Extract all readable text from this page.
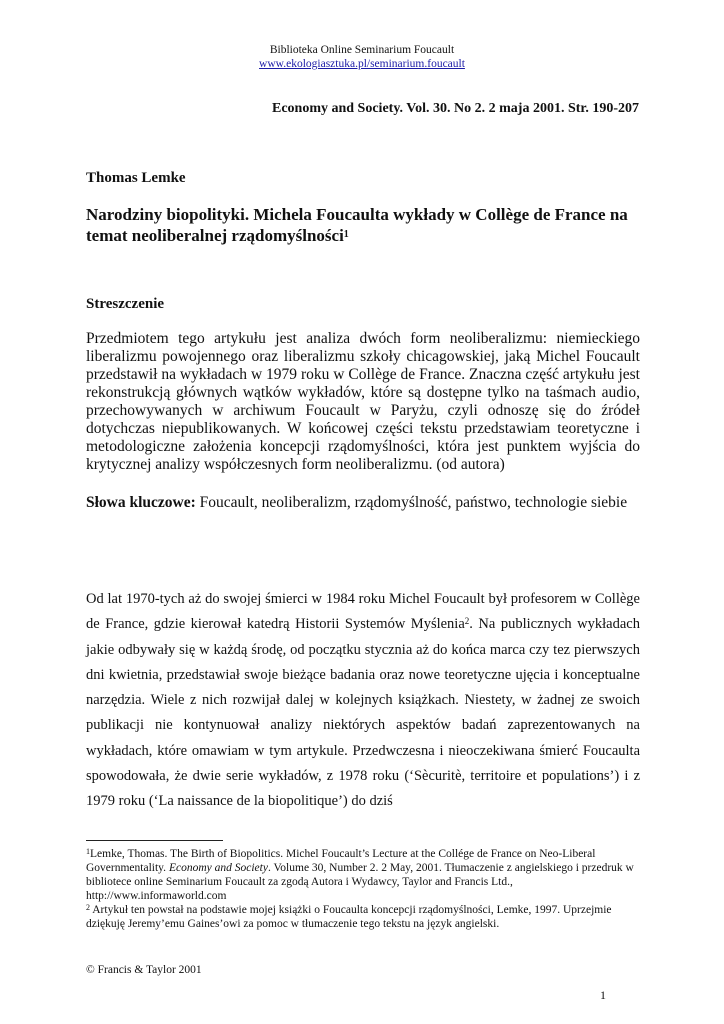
Biblioteka Online Seminarium Foucault
www.ekologiasztuka.pl/seminarium.foucault
Economy and Society. Vol. 30. No 2. 2 maja 2001. Str. 190-207
Thomas Lemke
Narodziny biopolityki. Michela Foucaulta wykłady w Collège de France na temat neoliberalnej rządomyślności$^1$
Streszczenie
Przedmiotem tego artykułu jest analiza dwóch form neoliberalizmu: niemieckiego liberalizmu powojennego oraz liberalizmu szkoły chicagowskiej, jaką Michel Foucault przedstawił na wykładach w 1979 roku w Collège de France. Znaczna część artykułu jest rekonstrukcją głównych wątków wykładów, które są dostępne tylko na taśmach audio, przechowywanych w archiwum Foucault w Paryżu, czyli odnoszę się do źródeł dotychczas niepublikowanych. W końcowej części tekstu przedstawiam teoretyczne i metodologiczne założenia koncepcji rządomyślności, która jest punktem wyjścia do krytycznej analizy współczesnych form neoliberalizmu. (od autora)
Słowa kluczowe: Foucault, neoliberalizm, rządomyślność, państwo, technologie siebie
Od lat 1970-tych aż do swojej śmierci w 1984 roku Michel Foucault był profesorem w Collège de France, gdzie kierował katedrą Historii Systemów Myślenia$^2$. Na publicznych wykładach jakie odbywały się w każdą środę, od początku stycznia aż do końca marca czy tez pierwszych dni kwietnia, przedstawiał swoje bieżące badania oraz nowe teoretyczne ujęcia i konceptualne narzędzia. Wiele z nich rozwijał dalej w kolejnych książkach. Niestety, w żadnej ze swoich publikacji nie kontynuował analizy niektórych aspektów badań zaprezentowanych na wykładach, które omawiam w tym artykule. Przedwczesna i nieoczekiwana śmierć Foucaulta spowodowała, że dwie serie wykładów, z 1978 roku (‘Sècuritè, territoire et populations’) i z 1979 roku (‘La naissance de la biopolitique’) do dziś

$^1$Lemke, Thomas. The Birth of Biopolitics. Michel Foucault’s Lecture at the Collége de France on Neo-Liberal Governmentality. Economy and Society. Volume 30, Number 2. 2 May, 2001. Tłumaczenie z angielskiego i przedruk w bibliotece online Seminarium Foucault za zgodą Autora i Wydawcy, Taylor and Francis Ltd., http://www.informaworld.com

$^2$ Artykuł ten powstał na podstawie mojej książki o Foucaulta koncepcji rządomyślności, Lemke, 1997. Uprzejmie dziękuję Jeremy’emu Gaines’owi za pomoc w tłumaczenie tego tekstu na język angielski.

© Francis & Taylor 2001
1
